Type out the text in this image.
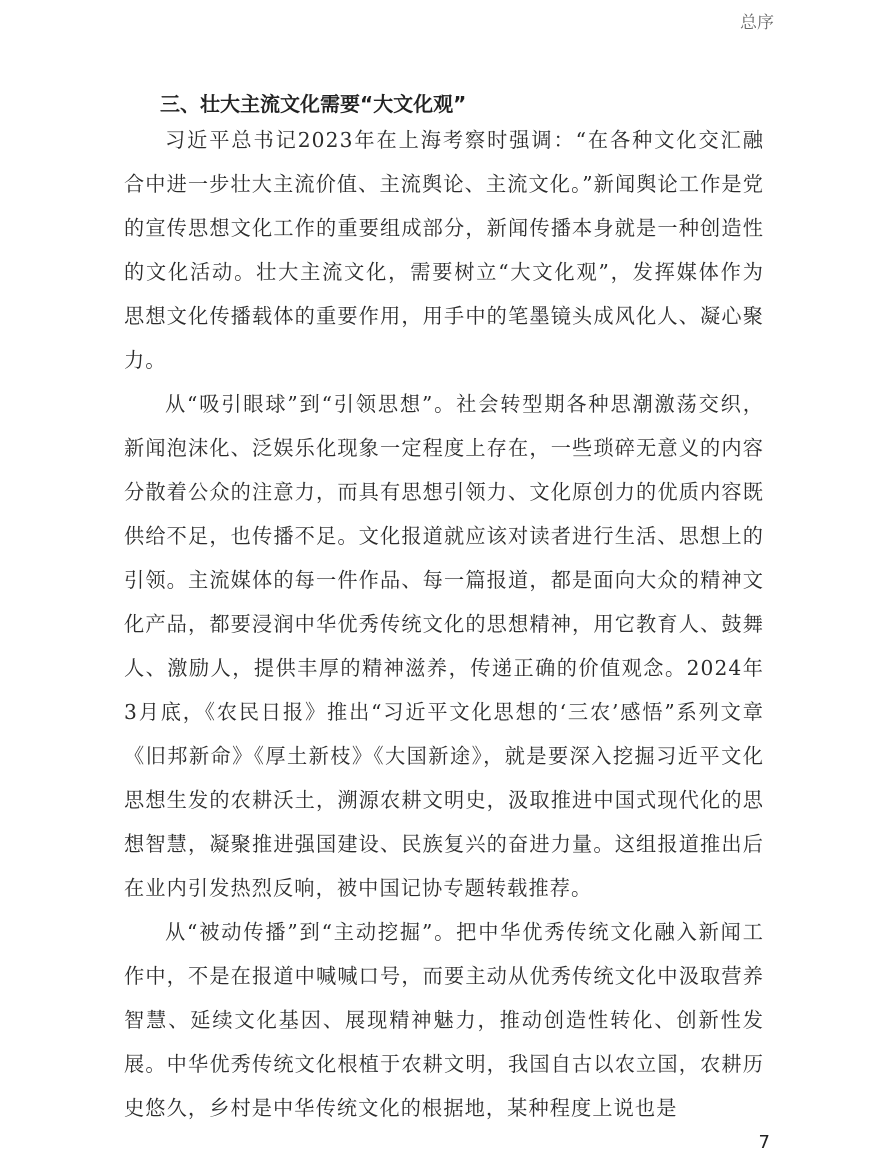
总序
三、壮大主流文化需要“大文化观”

习近平总书记2023年在上海考察时强调：“在各种文化交汇融合中进一步壮大主流价值、主流舆论、主流文化。”新闻舆论工作是党的宣传思想文化工作的重要组成部分，新闻传播本身就是一种创造性的文化活动。壮大主流文化，需要树立“大文化观”，发挥媒体作为思想文化传播载体的重要作用，用手中的笔墨镜头成风化人、凝心聚力。

从“吸引眼球”到“引领思想”。社会转型期各种思潮激荡交织，新闻泡沫化、泛娱乐化现象一定程度上存在，一些琐碎无意义的内容分散着公众的注意力，而具有思想引领力、文化原创力的优质内容既供给不足，也传播不足。文化报道就应该对读者进行生活、思想上的引领。主流媒体的每一件作品、每一篇报道，都是面向大众的精神文化产品，都要浸润中华优秀传统文化的思想精神，用它教育人、鼓舞人、激励人，提供丰厚的精神滋养，传递正确的价值观念。2024年3月底，《农民日报》推出“习近平文化思想的‘三农’感悟”系列文章《旧邦新命》《厚土新枝》《大国新途》，就是要深入挖掘习近平文化思想生发的农耕沃土，溯源农耕文明史，汲取推进中国式现代化的思想智慧，凝聚推进强国建设、民族复兴的奋进力量。这组报道推出后在业内引发热烈反响，被中国记协专题转载推荐。

从“被动传播”到“主动挖掘”。把中华优秀传统文化融入新闻工作中，不是在报道中喊喊口号，而要主动从优秀传统文化中汲取营养智慧、延续文化基因、展现精神魅力，推动创造性转化、创新性发展。中华优秀传统文化根植于农耕文明，我国自古以农立国，农耕历史悠久，乡村是中华传统文化的根据地，某种程度上说也是

7
